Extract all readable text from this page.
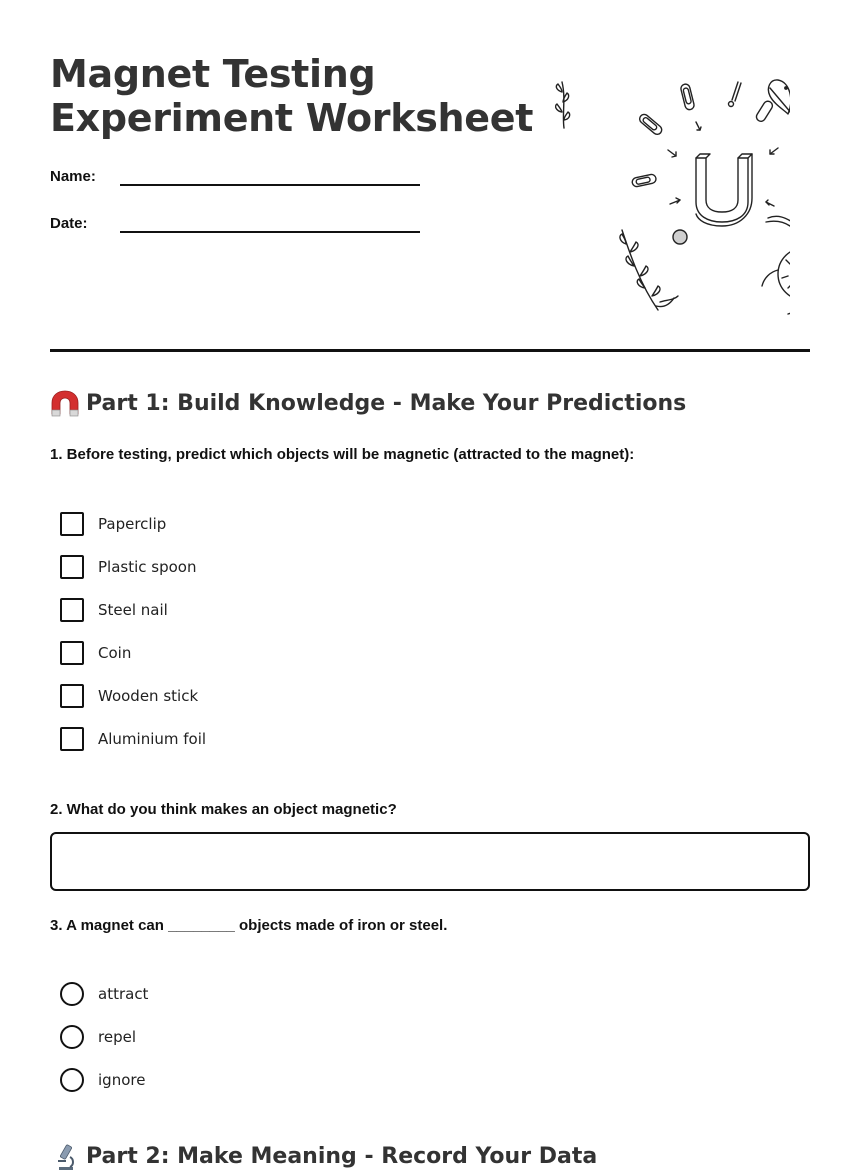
Magnet Testing
Experiment Worksheet
Name:
Date:
Part 1: Build Knowledge - Make Your Predictions

1. Before testing, predict which objects will be magnetic (attracted to the magnet):

Paperclip
Plastic spoon
Steel nail
Coin
Wooden stick
Aluminium foil

2. What do you think makes an object magnetic?

3. A magnet can ________ objects made of iron or steel.

attract
repel
ignore
Part 2: Make Meaning - Record Your Data
